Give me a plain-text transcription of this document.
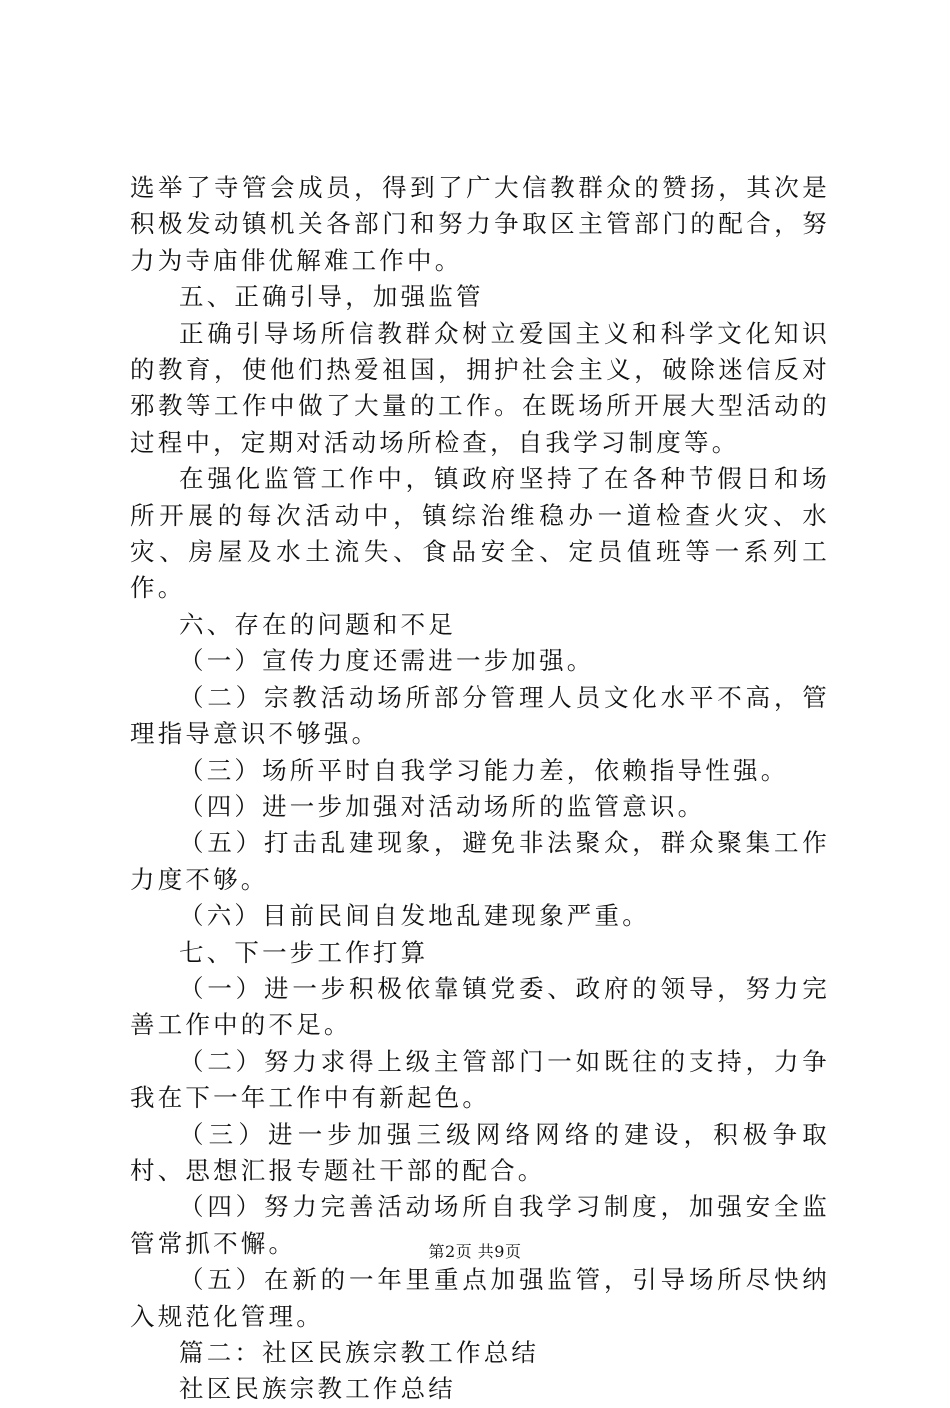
选举了寺管会成员，得到了广大信教群众的赞扬，其次是积极发动镇机关各部门和努力争取区主管部门的配合，努力为寺庙俳优解难工作中。

五、正确引导，加强监管

正确引导场所信教群众树立爱国主义和科学文化知识的教育，使他们热爱祖国，拥护社会主义，破除迷信反对邪教等工作中做了大量的工作。在既场所开展大型活动的过程中，定期对活动场所检查，自我学习制度等。

在强化监管工作中，镇政府坚持了在各种节假日和场所开展的每次活动中，镇综治维稳办一道检查火灾、水灾、房屋及水土流失、食品安全、定员值班等一系列工作。

六、存在的问题和不足

（一）宣传力度还需进一步加强。

（二）宗教活动场所部分管理人员文化水平不高，管理指导意识不够强。

（三）场所平时自我学习能力差，依赖指导性强。

（四）进一步加强对活动场所的监管意识。

（五）打击乱建现象，避免非法聚众，群众聚集工作力度不够。

（六）目前民间自发地乱建现象严重。

七、下一步工作打算

（一）进一步积极依靠镇党委、政府的领导，努力完善工作中的不足。

（二）努力求得上级主管部门一如既往的支持，力争我在下一年工作中有新起色。

（三）进一步加强三级网络网络的建设，积极争取村、思想汇报专题社干部的配合。

（四）努力完善活动场所自我学习制度，加强安全监管常抓不懈。

（五）在新的一年里重点加强监管，引导场所尽快纳入规范化管理。

篇二：社区民族宗教工作总结

社区民族宗教工作总结

第2页 共9页
